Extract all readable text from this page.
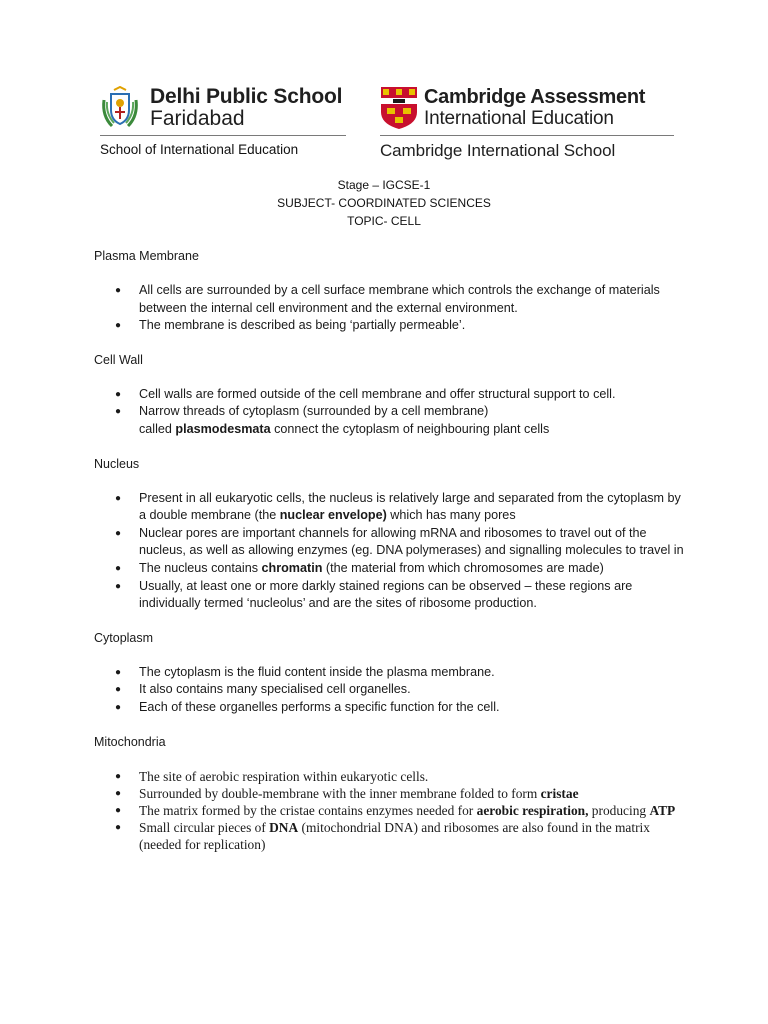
Delhi Public School
Faridabad
School of International Education
Cambridge Assessment
International Education
Cambridge International School
Stage – IGCSE-1
SUBJECT- COORDINATED SCIENCES
TOPIC- CELL
Plasma Membrane
● All cells are surrounded by a cell surface membrane which controls the exchange of materials between the internal cell environment and the external environment.
● The membrane is described as being ‘partially permeable’.
Cell Wall
● Cell walls are formed outside of the cell membrane and offer structural support to cell.
● Narrow threads of cytoplasm (surrounded by a cell membrane)
called plasmodesmata connect the cytoplasm of neighbouring plant cells
Nucleus
● Present in all eukaryotic cells, the nucleus is relatively large and separated from the cytoplasm by a double membrane (the nuclear envelope) which has many pores
● Nuclear pores are important channels for allowing mRNA and ribosomes to travel out of the nucleus, as well as allowing enzymes (eg. DNA polymerases) and signalling molecules to travel in
● The nucleus contains chromatin (the material from which chromosomes are made)
● Usually, at least one or more darkly stained regions can be observed – these regions are individually termed ‘nucleolus’ and are the sites of ribosome production.
Cytoplasm
● The cytoplasm is the fluid content inside the plasma membrane.
● It also contains many specialised cell organelles.
● Each of these organelles performs a specific function for the cell.
Mitochondria
● The site of aerobic respiration within eukaryotic cells.
● Surrounded by double-membrane with the inner membrane folded to form cristae
● The matrix formed by the cristae contains enzymes needed for aerobic respiration, producing ATP
● Small circular pieces of DNA (mitochondrial DNA) and ribosomes are also found in the matrix (needed for replication)
